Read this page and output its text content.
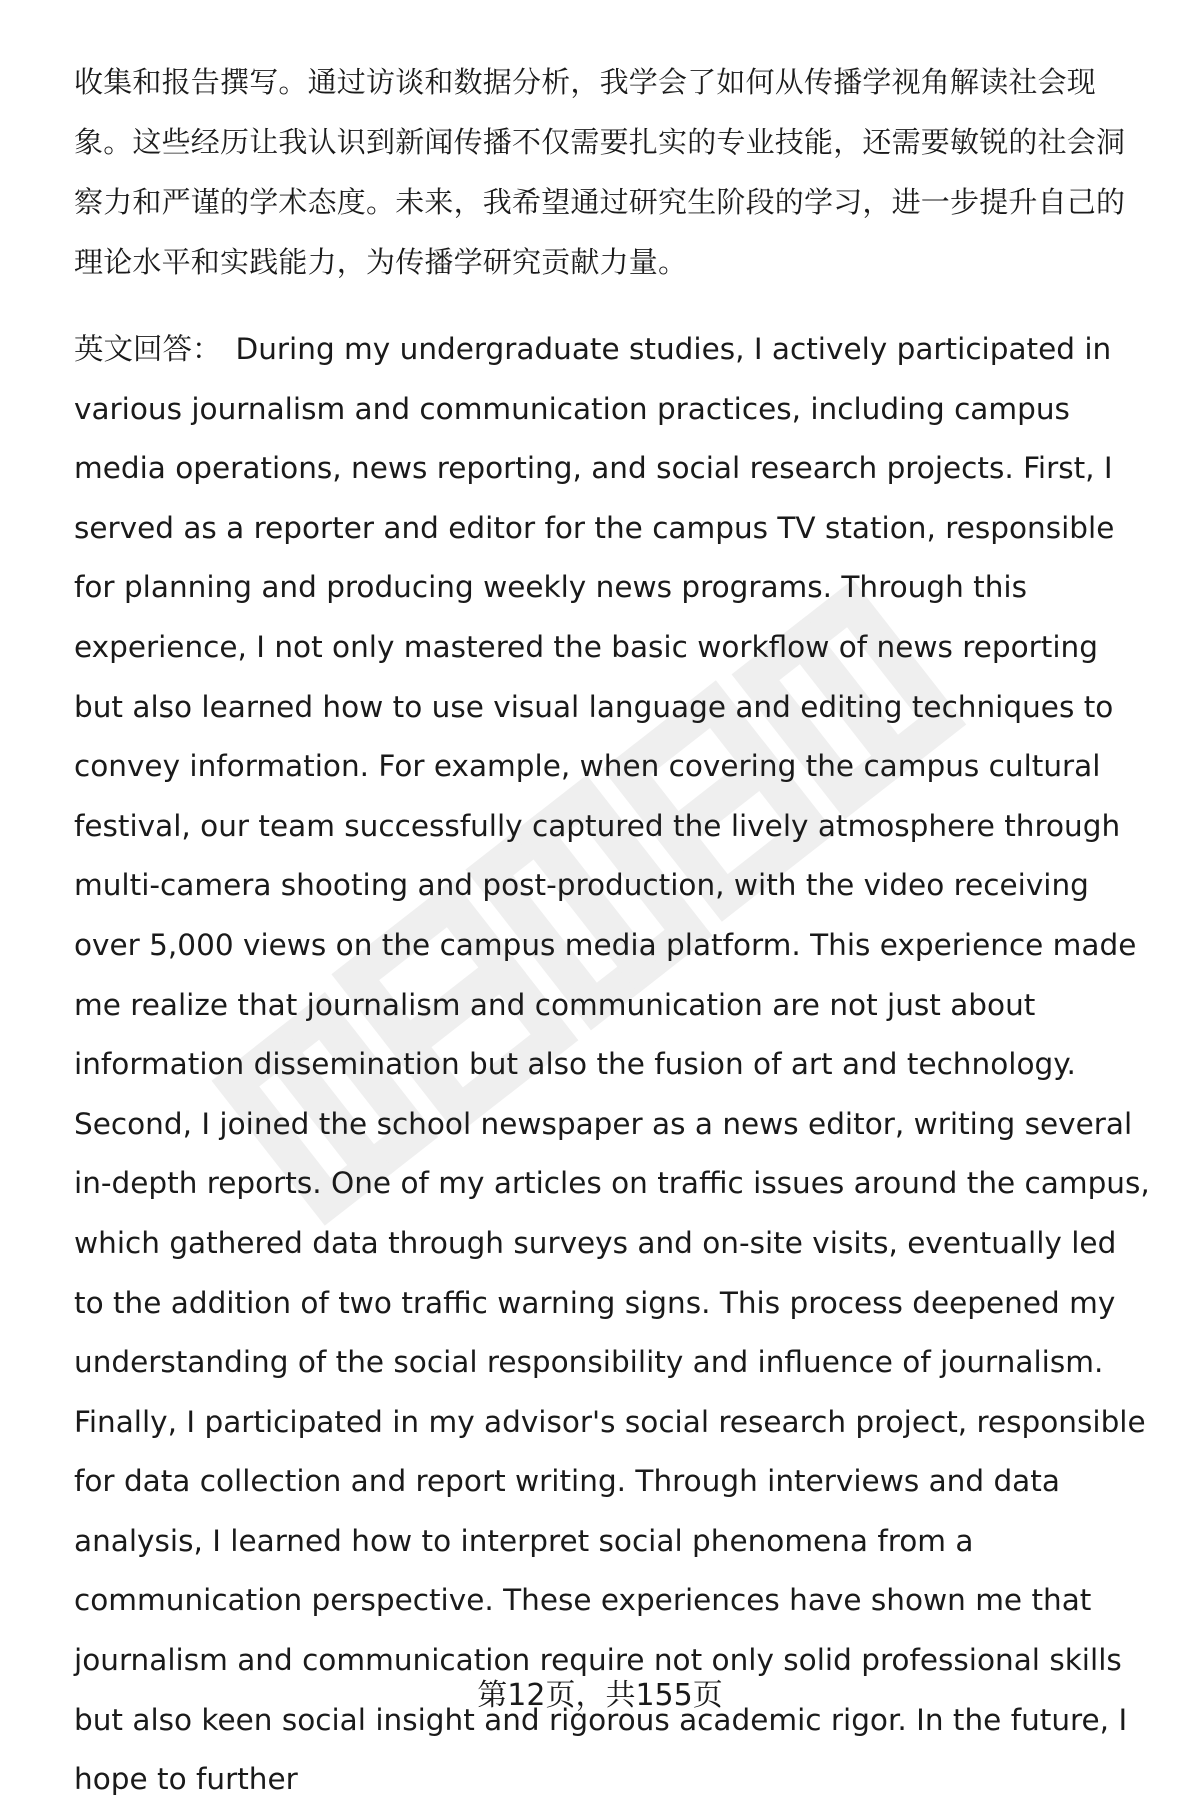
收集和报告撰写。通过访谈和数据分析，我学会了如何从传播学视角解读社会现象。这些经历让我认识到新闻传播不仅需要扎实的专业技能，还需要敏锐的社会洞察力和严谨的学术态度。未来，我希望通过研究生阶段的学习，进一步提升自己的理论水平和实践能力，为传播学研究贡献力量。

英文回答： During my undergraduate studies, I actively participated in various journalism and communication practices, including campus media operations, news reporting, and social research projects. First, I served as a reporter and editor for the campus TV station, responsible for planning and producing weekly news programs. Through this experience, I not only mastered the basic workflow of news reporting but also learned how to use visual language and editing techniques to convey information. For example, when covering the campus cultural festival, our team successfully captured the lively atmosphere through multi-camera shooting and post-production, with the video receiving over 5,000 views on the campus media platform. This experience made me realize that journalism and communication are not just about information dissemination but also the fusion of art and technology. Second, I joined the school newspaper as a news editor, writing several in-depth reports. One of my articles on traffic issues around the campus, which gathered data through surveys and on-site visits, eventually led to the addition of two traffic warning signs. This process deepened my understanding of the social responsibility and influence of journalism. Finally, I participated in my advisor's social research project, responsible for data collection and report writing. Through interviews and data analysis, I learned how to interpret social phenomena from a communication perspective. These experiences have shown me that journalism and communication require not only solid professional skills but also keen social insight and rigorous academic rigor. In the future, I hope to further

第12页，共155页
